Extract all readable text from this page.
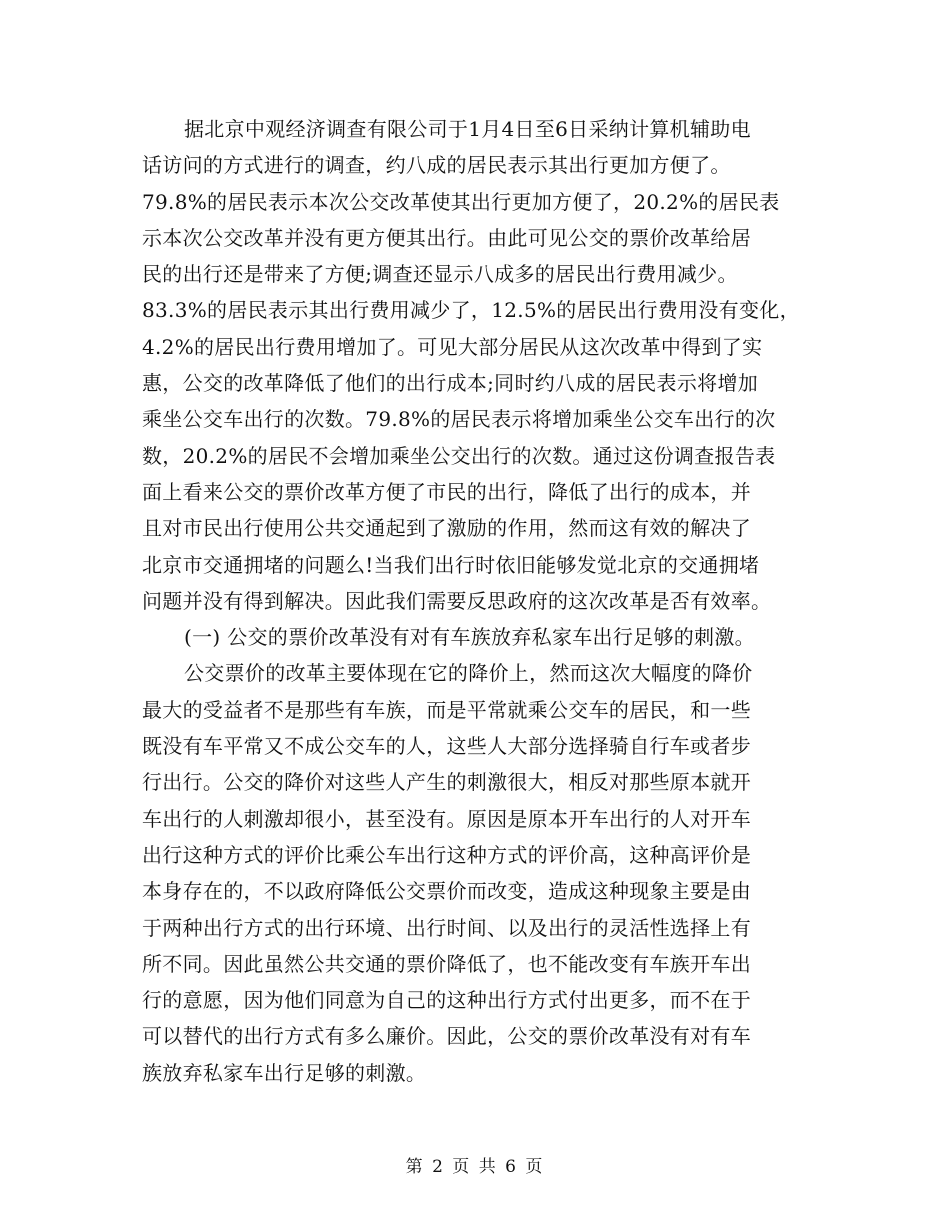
据北京中观经济调查有限公司于1月4日至6日采纳计算机辅助电
话访问的方式进行的调查，约八成的居民表示其出行更加方便了。
79.8%的居民表示本次公交改革使其出行更加方便了，20.2%的居民表
示本次公交改革并没有更方便其出行。由此可见公交的票价改革给居
民的出行还是带来了方便;调查还显示八成多的居民出行费用减少。
83.3%的居民表示其出行费用减少了，12.5%的居民出行费用没有变化，
4.2%的居民出行费用增加了。可见大部分居民从这次改革中得到了实
惠，公交的改革降低了他们的出行成本;同时约八成的居民表示将增加
乘坐公交车出行的次数。79.8%的居民表示将增加乘坐公交车出行的次
数，20.2%的居民不会增加乘坐公交出行的次数。通过这份调查报告表
面上看来公交的票价改革方便了市民的出行，降低了出行的成本，并
且对市民出行使用公共交通起到了激励的作用，然而这有效的解决了
北京市交通拥堵的问题么!当我们出行时依旧能够发觉北京的交通拥堵
问题并没有得到解决。因此我们需要反思政府的这次改革是否有效率。
(一) 公交的票价改革没有对有车族放弃私家车出行足够的刺激。
公交票价的改革主要体现在它的降价上，然而这次大幅度的降价
最大的受益者不是那些有车族，而是平常就乘公交车的居民，和一些
既没有车平常又不成公交车的人，这些人大部分选择骑自行车或者步
行出行。公交的降价对这些人产生的刺激很大，相反对那些原本就开
车出行的人刺激却很小，甚至没有。原因是原本开车出行的人对开车
出行这种方式的评价比乘公车出行这种方式的评价高，这种高评价是
本身存在的，不以政府降低公交票价而改变，造成这种现象主要是由
于两种出行方式的出行环境、出行时间、以及出行的灵活性选择上有
所不同。因此虽然公共交通的票价降低了，也不能改变有车族开车出
行的意愿，因为他们同意为自己的这种出行方式付出更多，而不在于
可以替代的出行方式有多么廉价。因此，公交的票价改革没有对有车
族放弃私家车出行足够的刺激。
第 2 页 共 6 页
